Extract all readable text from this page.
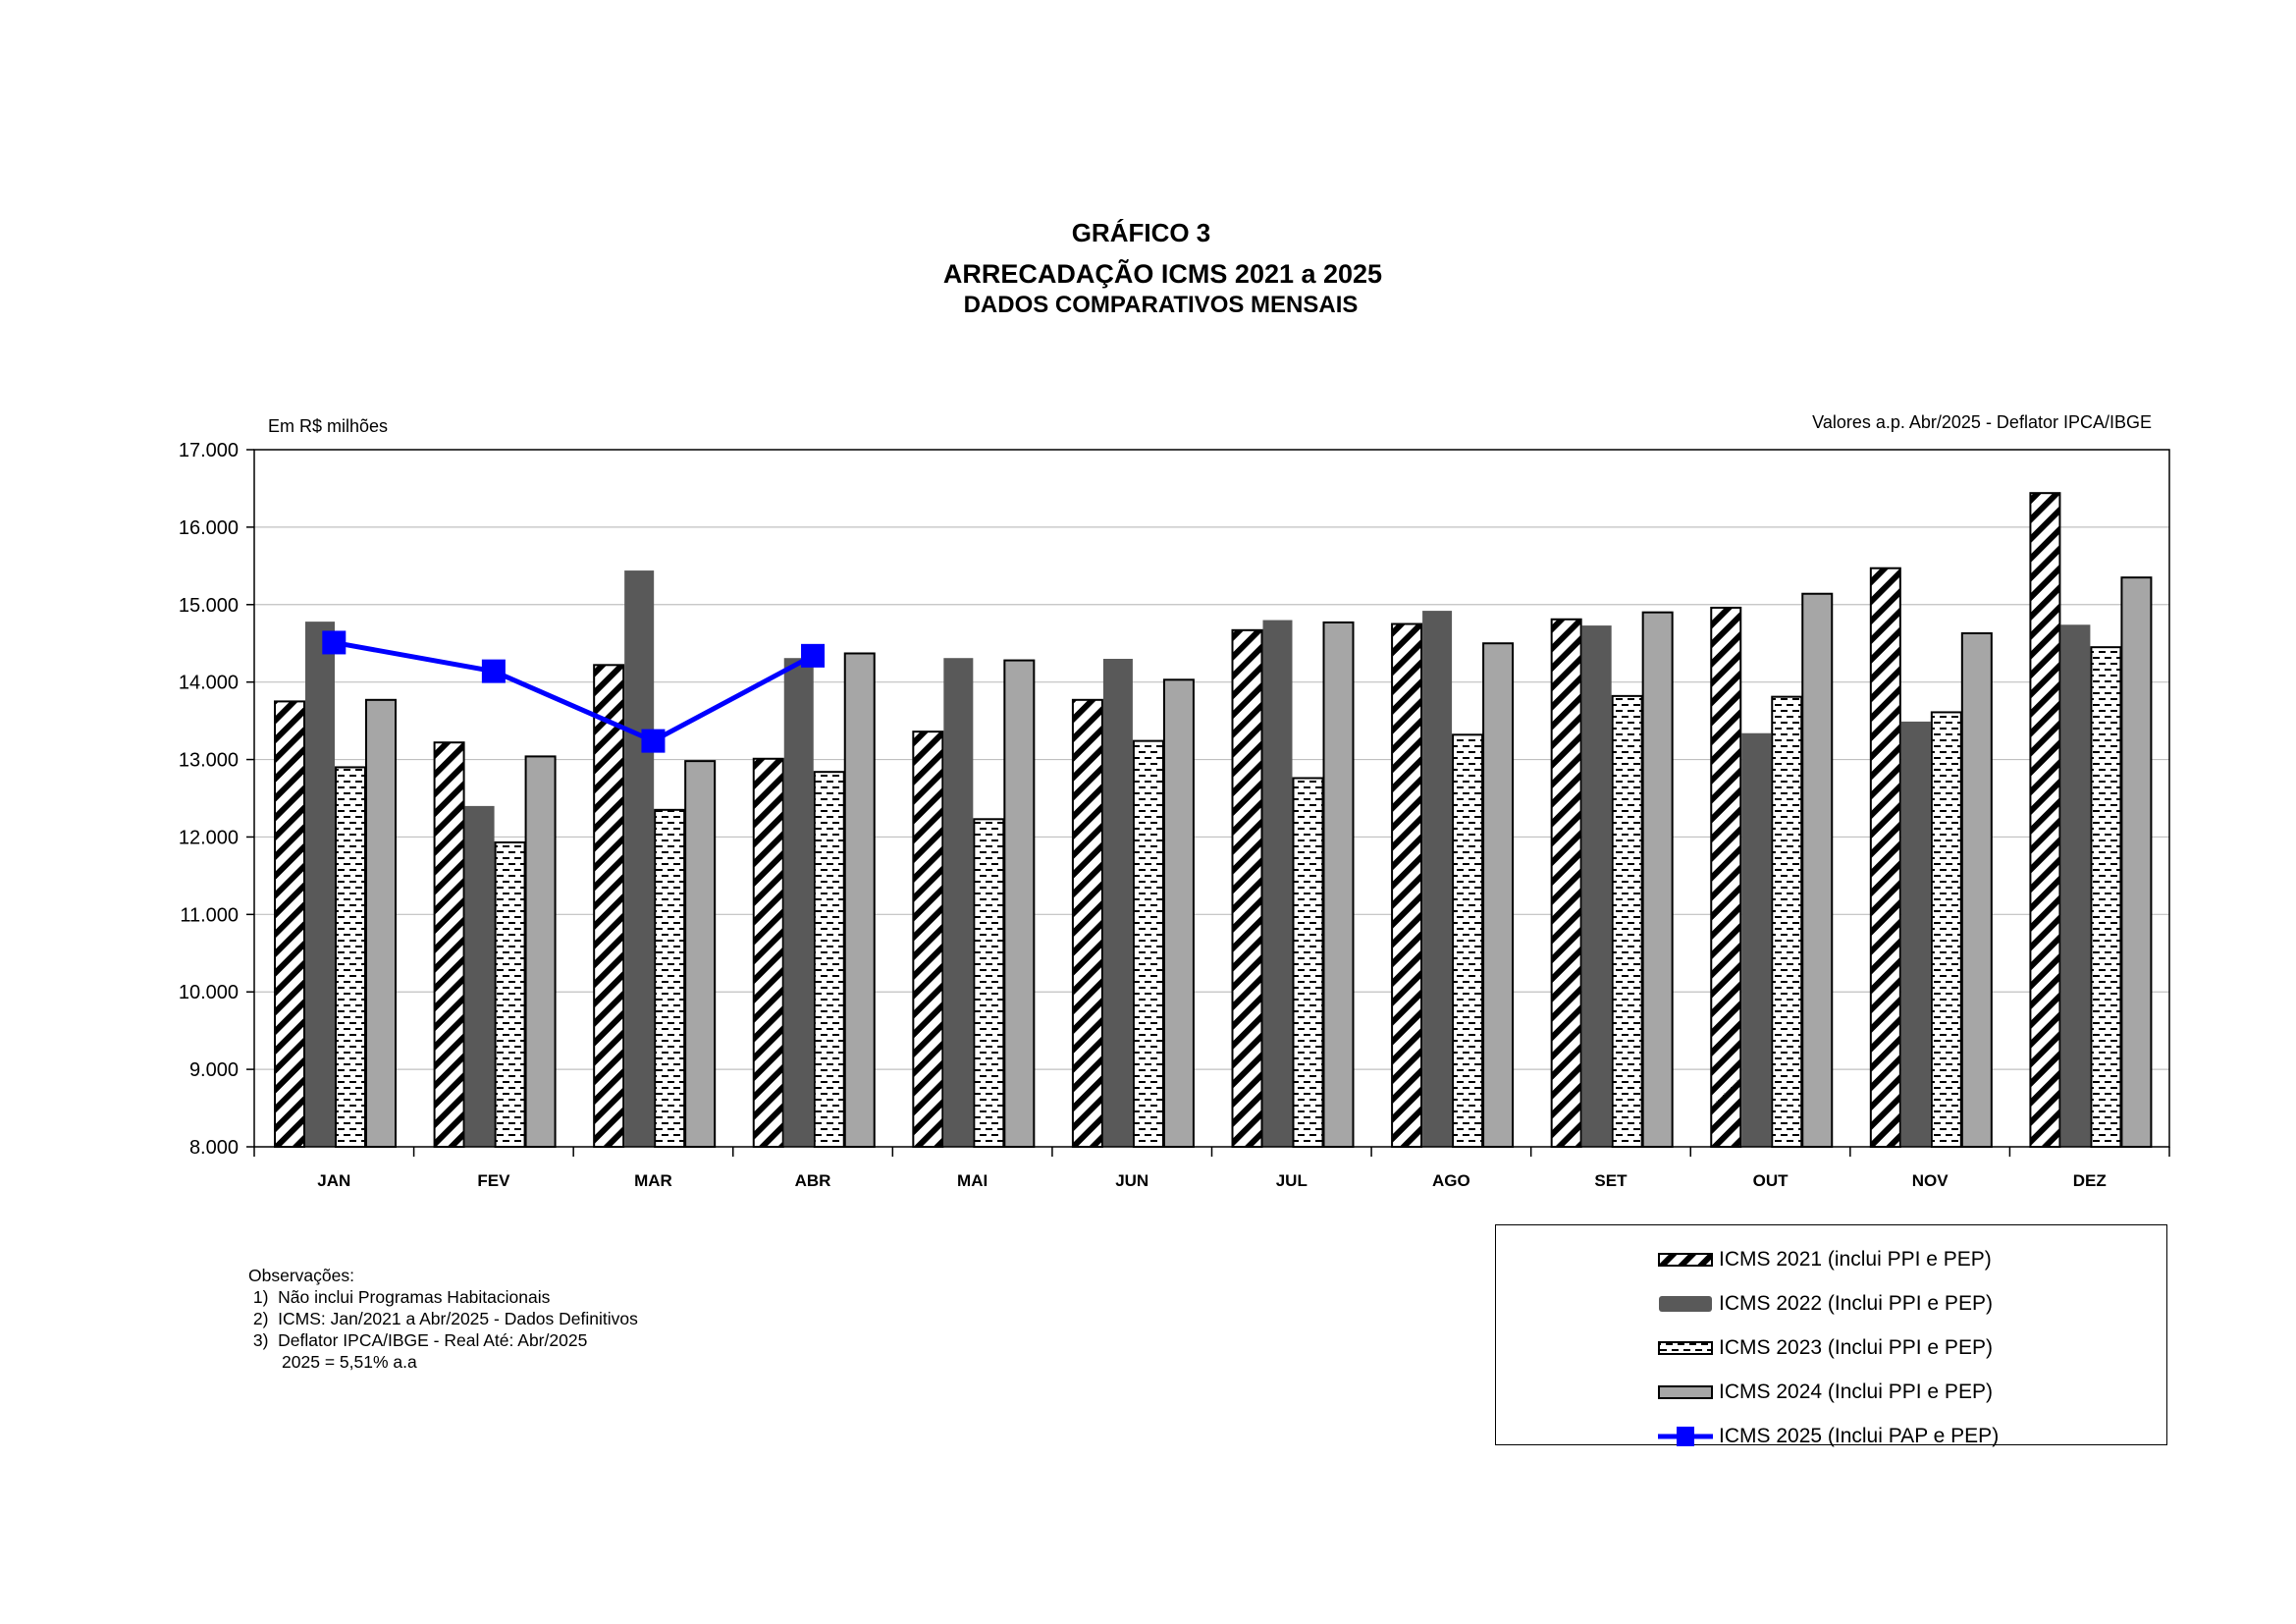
GRÁFICO 3
ARRECADAÇÃO ICMS 2021 a 2025
DADOS COMPARATIVOS MENSAIS
8.000
9.000
10.000
11.000
12.000
13.000
14.000
15.000
16.000
17.000
JAN	FEV	MAR	ABR	MAI	JUN	JUL	AGO	SET	OUT	NOV	DEZ
Em R$ milhões	Valores a.p. Abr/2025 - Deflator IPCA/IBGE
Observações:
1)  Não inclui Programas Habitacionais
2)  ICMS: Jan/2021 a Abr/2025 - Dados Definitivos
3)  Deflator IPCA/IBGE - Real Até: Abr/2025
2025 = 5,51% a.a
ICMS 2021 (inclui PPI e PEP)
ICMS 2022 (Inclui PPI e PEP)
ICMS 2023 (Inclui PPI e PEP)
ICMS 2024 (Inclui PPI e PEP)
ICMS 2025 (Inclui PAP e PEP)
